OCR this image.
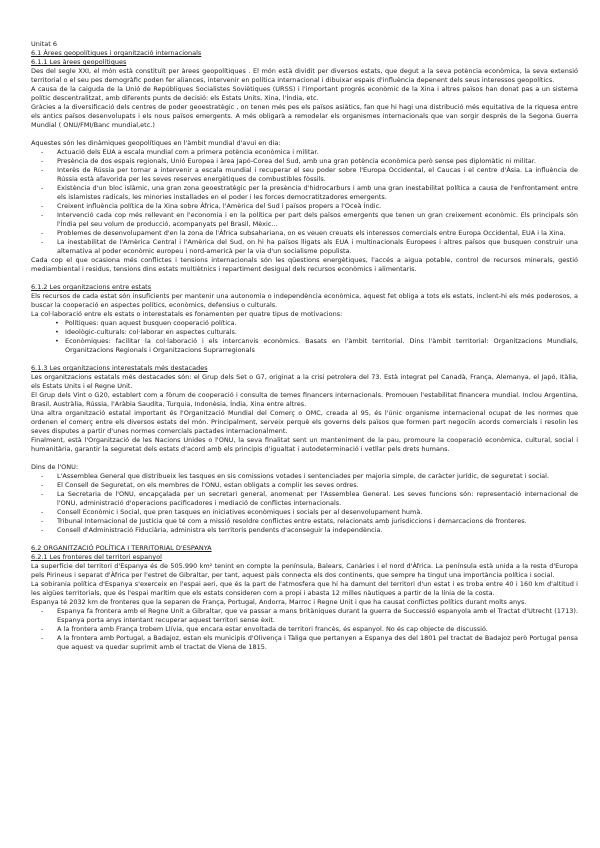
Unitat 6

6.1 Àrees geopolítiques i organització internacionals

6.1.1 Les àrees geopolítiques

Des del segle XXI, el món està constituït per àrees geopolítiques . El món està dividit per diversos estats, que degut a la seva potència econòmica, la seva extensió territorial o el seu pes demogràfic poden fer aliances, intervenir en política internacional i dibuixar espais d'influència depenent dels seus interessos geopolítics.

A causa de la caiguda de la Unió de Repúbliques Socialistes Soviètiques (URSS) i l'important progrés econòmic de la Xina i altres països han donat pas a un sistema polític descentralitzat, amb diferents punts de decisió: els Estats Units, Xina, l'Índia, etc.

Gràcies a la diversificació dels centres de poder geoestratègic , on tenen més pes els països asiàtics, fan que hi hagi una distribució més equitativa de la riquesa entre els antics països desenvolupats i els nous països emergents. A més obligarà a remodelar els organismes internacionals que van sorgir després de la Segona Guerra Mundial ( ONU/FMI/Banc mundial,etc.)

Aquestes són les dinàmiques geopolítiques en l'àmbit mundial d'avui en dia:

- Actuació dels EUA a escala mundial com a primera potència econòmica i militar.
- Presència de dos espais regionals, Unió Europea i àrea Japó-Corea del Sud, amb una gran potència econòmica però sense pes diplomàtic ni militar.
- Interès de Rússia per tornar a intervenir a escala mundial i recuperar el seu poder sobre l'Europa Occidental, el Caucas i el centre d'Àsia. La influència de Rússia està afavorida per les seves reserves energètiques de combustibles fòssils.
- Existència d'un bloc islàmic, una gran zona geoestratègic per la presència d'hidrocarburs i amb una gran inestabilitat política a causa de l'enfrontament entre els islamistes radicals, les minories installades en el poder i les forces democratitzadores emergents.
- Creixent influència política de la Xina sobre Àfrica, l'Amèrica del Sud i països propers a l'Oceà Índic.
- Intervenció cada cop més rellevant en l'economia i en la política per part dels països emergents que tenen un gran creixement econòmic. Els principals són l'Índia pel seu volum de producció, acompanyats pel Brasil, Mèxic...
- Problemes de desenvolupament d'en la zona de l'Àfrica subsahariana, on es veuen creuats els interessos comercials entre Europa Occidental, EUA i la Xina.
- La inestabilitat de l'Amèrica Central i l'Amèrica del Sud, on hi ha països lligats als EUA i multinacionals Europees i altres països que busquen construir una alternativa al poder econòmic europeu i nord-americà per la via d'un socialisme populista.

Cada cop el que ocasiona més conflictes i tensions internacionals són les qüestions energètiques, l'accés a aigua potable, control de recursos minerals, gestió mediambiental i residus, tensions dins estats multiètnics i repartiment desigual dels recursos econòmics i alimentaris.

6.1.2 Les organitzacions entre estats

Els recursos de cada estat són insuficients per mantenir una autonomia o independència econòmica, aquest fet obliga a tots els estats, inclent-hi els més poderosos, a buscar la cooperació en aspectes polítics, econòmics, defensius o culturals.

La col·laboració entre els estats o interestatals es fonamenten per quatre tipus de motivacions:

• Polítiques: quan aquest busquen cooperació política.
• Ideològic-culturals: col·laborar en aspectes culturals.
• Econòmiques: facilitar la col·laboració i els intercanvis econòmics. Basats en l'àmbit territorial. Dins l'àmbit territorial: Organitzacions Mundials, Organitzacions Regionals i Organitzacions Suprarregionals

6.1.3 Les organitzacions interestatals més destacades

Les organitzacions estatals més destacades són: el Grup dels Set o G7, originat a la crisi petrolera del 73. Està integrat pel Canadà, França, Alemanya, el Japó, Itàlia, els Estats Units i el Regne Unit.

El Grup dels Vint o G20, establert com a fòrum de cooperació i consulta de temes financers internacionals. Promouen l'estabilitat financera mundial. Inclou Argentina, Brasil, Austràlia, Rússia, l'Aràbia Saudita, Turquia, Indonèsia, Índia, Xina entre altres.

Una altra organització estatal important és l'Organització Mundial del Comerç o OMC, creada al 95, és l'únic organisme internacional ocupat de les normes que ordenen el comerç entre els diversos estats del món. Principalment, serveix perquè els governs dels països que formen part negociïn acords comercials i resolin les seves disputes a partir d'unes normes comercials pactades internacionalment.

Finalment, està l'Organització de les Nacions Unides o l'ONU, la seva finalitat sent un manteniment de la pau, promoure la cooperació econòmica, cultural, social i humanitària, garantir la seguretat dels estats d'acord amb els principis d'igualtat i autodeterminació i vetllar pels drets humans.

Dins de l'ONU:

- L'Assemblea General que distribueix les tasques en sis comissions votades i sentenciades per majoria simple, de caràcter jurídic, de seguretat i social.
- El Consell de Seguretat, on els membres de l'ONU, estan obligats a complir les seves ordres.
- La Secretaria de l'ONU, encapçalada per un secretari general, anomenat per l'Assemblea General. Les seves funcions són: representació internacional de l'ONU, administració d'operacions pacificadores i mediació de conflictes internacionals.
- Consell Econòmic i Social, que pren tasques en iniciatives econòmiques i socials per al desenvolupament humà.
- Tribunal Internacional de Justícia que té com a missió resoldre conflictes entre estats, relacionats amb jurisdiccions i demarcacions de fronteres.
- Consell d'Administració Fiduciària, administra els territoris pendents d'aconseguir la independència.

6.2 ORGANITZACIÓ POLÍTICA I TERRITORIAL D'ESPANYA

6.2.1 Les fronteres del territori espanyol

La superfície del territori d'Espanya és de 505.990 km² tenint en compte la península, Balears, Canàries i el nord d'Àfrica. La península està unida a la resta d'Europa pels Pirineus i separat d'Àfrica per l'estret de Gibraltar, per tant, aquest país connecta els dos continents, que sempre ha tingut una importància política i social.

La sobirania política d'Espanya s'exerceix en l'espai aeri, que és la part de l'atmosfera que hi ha damunt del territori d'un estat i es troba entre 40 i 160 km d'altitud i les aigües territorials, que és l'espai marítim que els estats consideren com a propi i abasta 12 milles nàutiques a partir de la línia de la costa.

Espanya té 2032 km de fronteres que la separen de França, Portugal, Andorra, Marroc i Regne Unit i que ha causat conflictes polítics durant molts anys.

- Espanya fa frontera amb el Regne Unit a Gibraltar, que va passar a mans britàniques durant la guerra de Successió espanyola amb el Tractat d'Utrecht (1713). Espanya porta anys intentant recuperar aquest territori sense èxit.
- A la frontera amb França trobem Llívia, que encara estar envoltada de territori francès, és espanyol. No és cap objecte de discussió.
- A la frontera amb Portugal, a Badajoz, estan els municipis d'Olivença i Tàliga que pertanyen a Espanya des del 1801 pel tractat de Badajoz però Portugal pensa que aquest va quedar suprimit amb el tractat de Viena de 1815.
